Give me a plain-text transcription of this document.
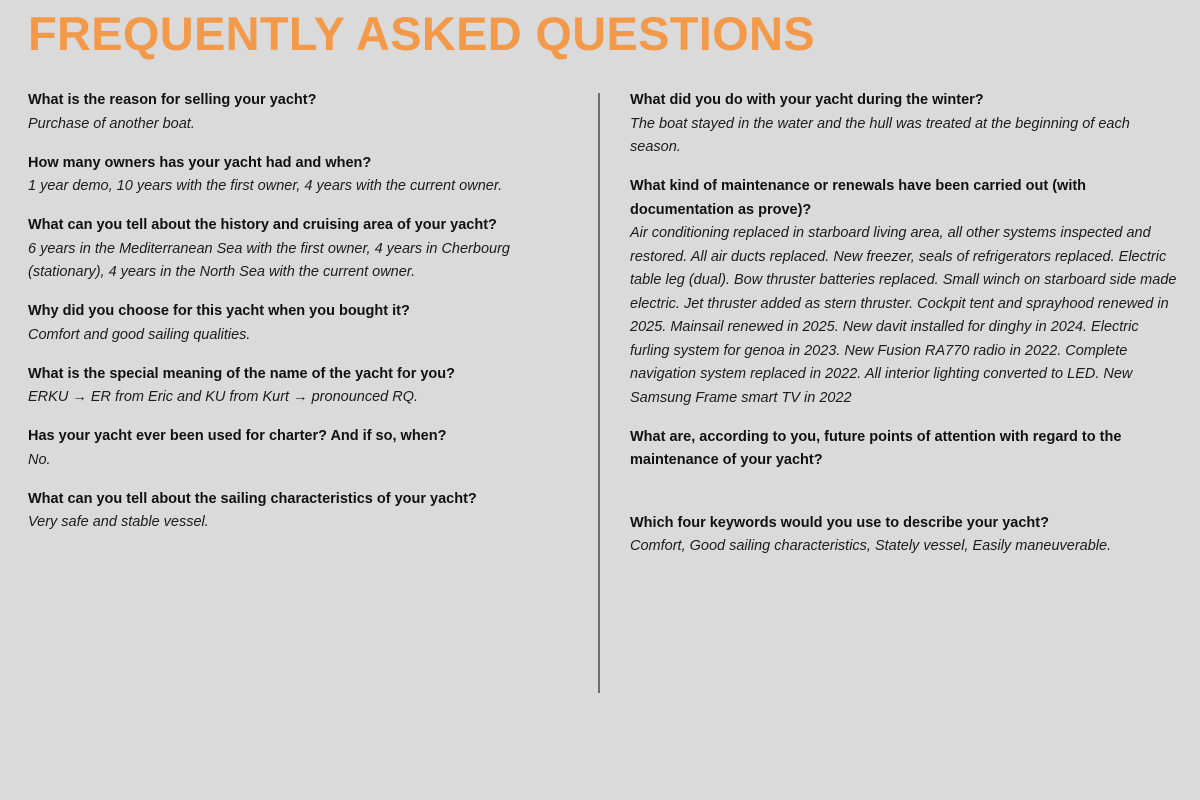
FREQUENTLY ASKED QUESTIONS
What is the reason for selling your yacht?
Purchase of another boat.
How many owners has your yacht had and when?
1 year demo, 10 years with the first owner, 4 years with the current owner.
What can you tell about the history and cruising area of your yacht?
6 years in the Mediterranean Sea with the first owner, 4 years in Cherbourg (stationary), 4 years in the North Sea with the current owner.
Why did you choose for this yacht when you bought it?
Comfort and good sailing qualities.
What is the special meaning of the name of the yacht for you?
ERKU → ER from Eric and KU from Kurt → pronounced RQ.
Has your yacht ever been used for charter? And if so, when?
No.
What can you tell about the sailing characteristics of your yacht?
Very safe and stable vessel.
What did you do with your yacht during the winter?
The boat stayed in the water and the hull was treated at the beginning of each season.
What kind of maintenance or renewals have been carried out (with documentation as prove)?
Air conditioning replaced in starboard living area, all other systems inspected and restored. All air ducts replaced. New freezer, seals of refrigerators replaced. Electric table leg (dual). Bow thruster batteries replaced. Small winch on starboard side made electric. Jet thruster added as stern thruster. Cockpit tent and sprayhood renewed in 2025. Mainsail renewed in 2025. New davit installed for dinghy in 2024. Electric furling system for genoa in 2023. New Fusion RA770 radio in 2022. Complete navigation system replaced in 2022. All interior lighting converted to LED. New Samsung Frame smart TV in 2022
What are, according to you, future points of attention with regard to the maintenance of your yacht?
Which four keywords would you use to describe your yacht?
Comfort, Good sailing characteristics, Stately vessel, Easily maneuverable.
